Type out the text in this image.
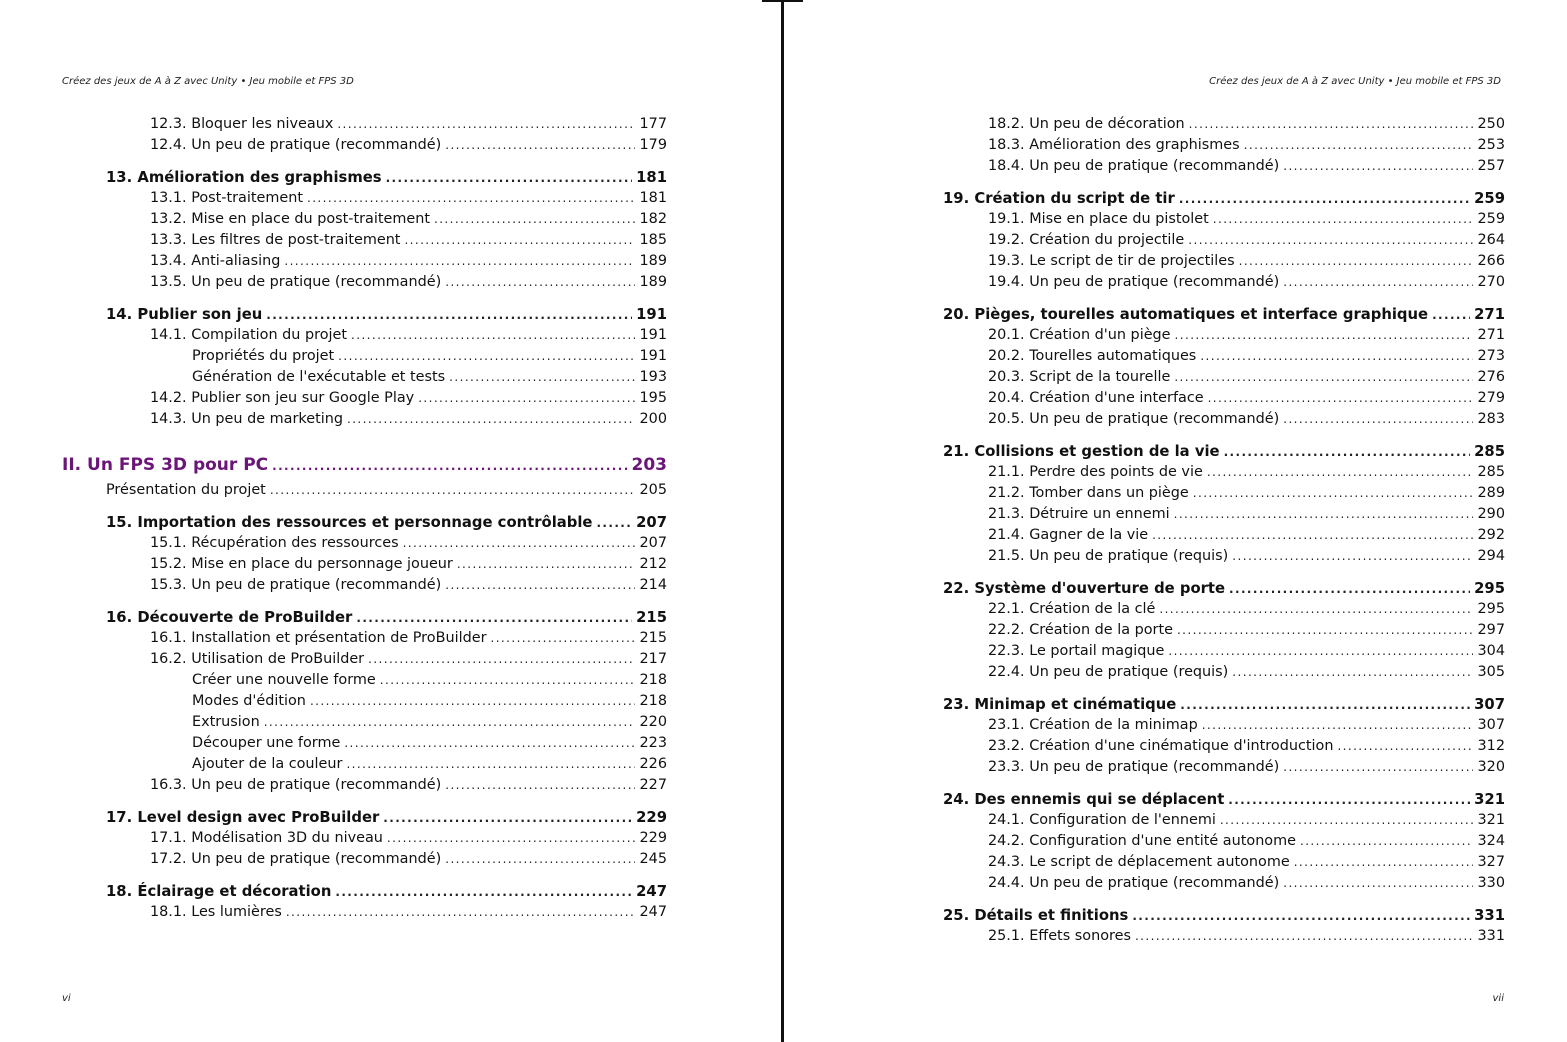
Créez des jeux de A à Z avec Unity • Jeu mobile et FPS 3D
12.3. Bloquer les niveaux .....	177
12.4. Un peu de pratique (recommandé) .....	179
13. Amélioration des graphismes .....	181
13.1. Post-traitement .....	181
13.2. Mise en place du post-traitement .....	182
13.3. Les filtres de post-traitement .....	185
13.4. Anti-aliasing .....	189
13.5. Un peu de pratique (recommandé) .....	189
14. Publier son jeu .....	191
14.1. Compilation du projet .....	191
Propriétés du projet .....	191
Génération de l'exécutable et tests .....	193
14.2. Publier son jeu sur Google Play .....	195
14.3. Un peu de marketing .....	200
II. Un FPS 3D pour PC .....	203
Présentation du projet .....	205
15. Importation des ressources et personnage contrôlable .....	207
15.1. Récupération des ressources .....	207
15.2. Mise en place du personnage joueur .....	212
15.3. Un peu de pratique (recommandé) .....	214
16. Découverte de ProBuilder .....	215
16.1. Installation et présentation de ProBuilder .....	215
16.2. Utilisation de ProBuilder .....	217
Créer une nouvelle forme .....	218
Modes d'édition .....	218
Extrusion .....	220
Découper une forme .....	223
Ajouter de la couleur .....	226
16.3. Un peu de pratique (recommandé) .....	227
17. Level design avec ProBuilder .....	229
17.1. Modélisation 3D du niveau .....	229
17.2. Un peu de pratique (recommandé) .....	245
18. Éclairage et décoration .....	247
18.1. Les lumières .....	247
vi
Créez des jeux de A à Z avec Unity • Jeu mobile et FPS 3D
18.2. Un peu de décoration .....	250
18.3. Amélioration des graphismes .....	253
18.4. Un peu de pratique (recommandé) .....	257
19. Création du script de tir .....	259
19.1. Mise en place du pistolet .....	259
19.2. Création du projectile .....	264
19.3. Le script de tir de projectiles .....	266
19.4. Un peu de pratique (recommandé) .....	270
20. Pièges, tourelles automatiques et interface graphique .....	271
20.1. Création d'un piège .....	271
20.2. Tourelles automatiques .....	273
20.3. Script de la tourelle .....	276
20.4. Création d'une interface .....	279
20.5. Un peu de pratique (recommandé) .....	283
21. Collisions et gestion de la vie .....	285
21.1. Perdre des points de vie .....	285
21.2. Tomber dans un piège .....	289
21.3. Détruire un ennemi .....	290
21.4. Gagner de la vie .....	292
21.5. Un peu de pratique (requis) .....	294
22. Système d'ouverture de porte .....	295
22.1. Création de la clé .....	295
22.2. Création de la porte .....	297
22.3. Le portail magique .....	304
22.4. Un peu de pratique (requis) .....	305
23. Minimap et cinématique .....	307
23.1. Création de la minimap .....	307
23.2. Création d'une cinématique d'introduction .....	312
23.3. Un peu de pratique (recommandé) .....	320
24. Des ennemis qui se déplacent .....	321
24.1. Configuration de l'ennemi .....	321
24.2. Configuration d'une entité autonome .....	324
24.3. Le script de déplacement autonome .....	327
24.4. Un peu de pratique (recommandé) .....	330
25. Détails et finitions .....	331
25.1. Effets sonores .....	331
vii
